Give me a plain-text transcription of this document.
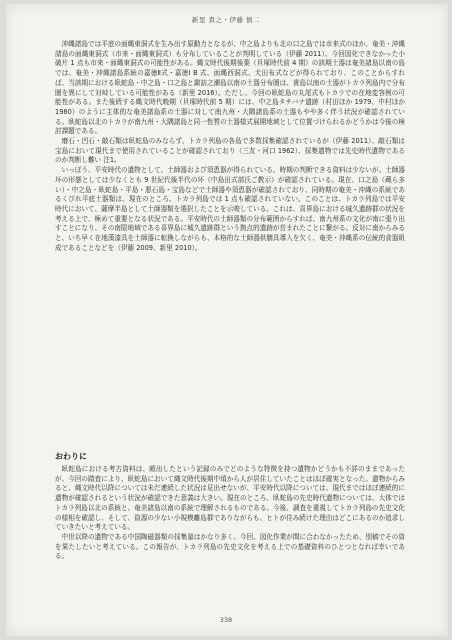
新里 貴之・伊藤 慎二

沖縄諸島では平底の面縄東洞式を生み出す原動力となるが、中之島よりも北の口之島では市来式のほか、奄美・沖縄諸島の面縄東洞式（市来・面縄東洞式）も分布していることが判明している（伊藤 2011）。今回図化できなかった小破片 1 点も市来・面縄東洞式の可能性がある。縄文時代後期後葉（貝塚時代前 4 期）の該期土器は奄美諸島以南の島では、奄美・沖縄諸島系統の嘉徳Ⅱ式・嘉徳Ⅰ B 式、面縄西洞式、犬田布式などが得られており、このことからすれば、当該期における臥蛇島・中之島・口之島と諏訪之瀬島以南の土器分布圏は、貴島以南の土器がトカラ列島内で分布圏を異にして対峙している可能性がある（新里 2016）。ただし、今回の臥蛇島の丸尾式もトカラでの在地変容例の可能性がある。また後続する縄文時代晩期（貝塚時代前 5 期）には、中之島タチバナ遺跡（村田ほか 1979、中村ほか 1980）のように主体的な奄美諸島系の土器に対して南九州・大隅諸島系の土器もやや多く伴う状況が確認されている。臥蛇島以北のトカラが南九州・大隅諸島と同一性質の土器様式展開地域として位置づけられるかどうかは今後の検討課題である。

磨石・凹石・敲石類は臥蛇島のみならず、トカラ列島の各島で多数採集確認されているが（伊藤 2011）、敲石類は宝島において現代まで使用されていることが確認されており（三友・河口 1962）、採集遺物では先史時代遺物であるのか判断し難い 注1。

いっぽう、平安時代の遺物として、土師器および須恵器が得られている。時期の判断できる資料は少ないが、土師器坏の形態としては少なくとも 9 世紀代後半代の坏（中島田式部氏ご教示）が確認されている。現在、口之島（蔵ら多い）・中之島・臥蛇島・平島・悪石島・宝島などで土師器や須恵器が確認されており、同時期の奄美・沖縄の系統であるくびれ平底土器類は、現在のところ、トカラ列島では 1 点も確認されていない。このことは、トカラ列島では平安時代において、薩摩半島として土師器類を選択したことを示唆している。これは、喜界島における城久遺跡群の状況を考える上で、極めて重要となる状況である。平安時代の土師器類の分布範囲からすれば、南九州系の文化が南に張り出すことになり、その南限地域である喜界島に城久遺跡群という拠点的遺跡が営まれたことに繋がる。反対に南からみると、いち早く在地漢漆具を土師器に転換しながらも、本格的な土師器供膳具導入を欠く、奄美・沖縄系の伝統的食器組成であることなどを（伊藤 2009、新里 2010）。

おわりに

臥蛇島における考古資料は、頗出したという記録のみでどのような特徴を持つ遺物かどうかも不詳のままであったが、今回の踏査により、臥蛇島において縄文時代後期中頃から人が居住していたことはほぼ確実となった。遺物からみると、縄文時代以降については未だ連続した状況は見出せないが、平安時代以降については、現代まではほぼ連続的に遺物が確認されるという状況が確認できた意義は大きい。現在のところ、臥蛇島の先史時代遺物については、大体ではトカラ列島以北の系統と、奄美諸島以南の系統で理解されるものである。今後、調査を重視してトカラ列島の先史文化の様相を確認し、そして、資源の少ない小規模離島群でありながらも、ヒトが住み続けた理由はどこにあるのか追求していきたいと考えている。

中世以降の遺物である中国陶磁器類の採集量はかなり多く、今回、図化作業が間に合わなかったため、別稿でその資を果たしたいと考えている。この報告が、トカラ列島の先史文化を考える上での基礎資料のひとつとなれば幸いである。

338
